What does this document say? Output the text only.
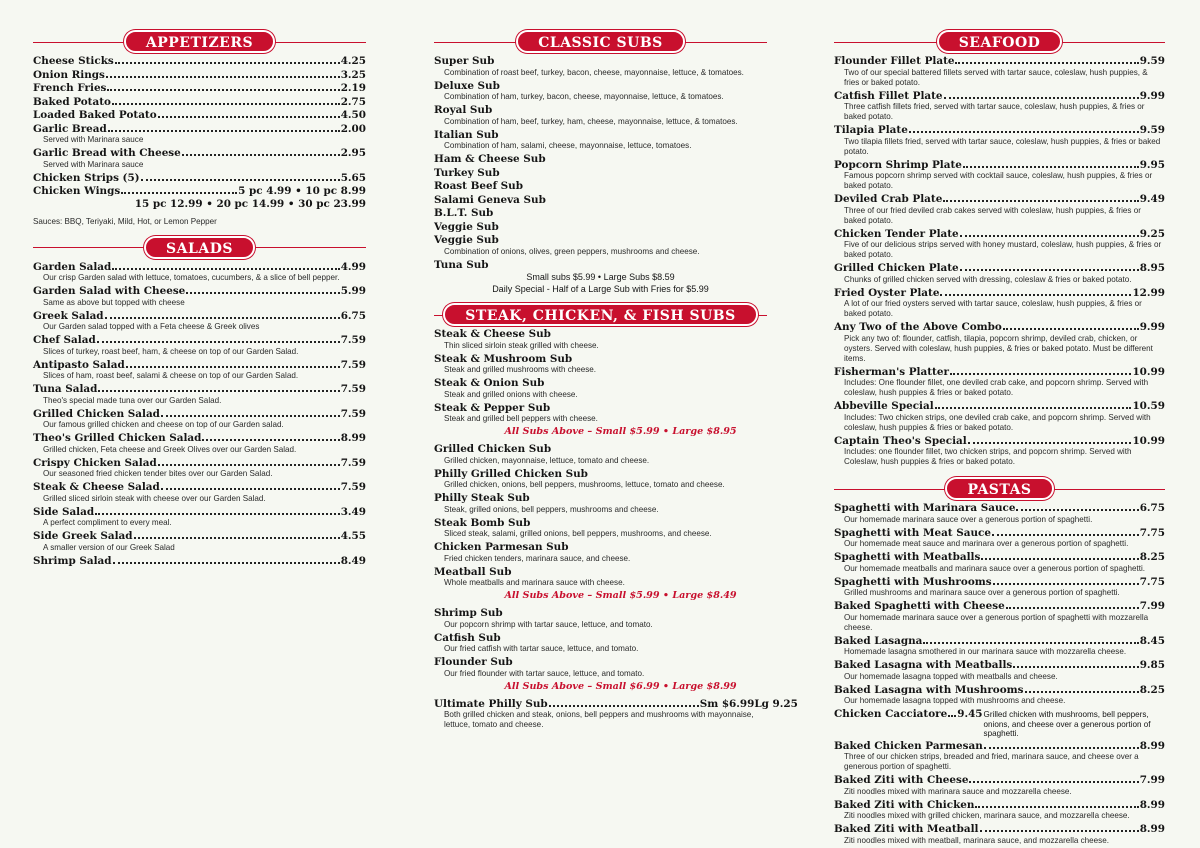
APPETIZERS
Cheese Sticks	4.25
Onion Rings	3.25
French Fries	2.19
Baked Potato	2.75
Loaded Baked Potato	4.50
Garlic Bread	2.00
Served with Marinara sauce
Garlic Bread with Cheese	2.95
Served with Marinara sauce
Chicken Strips (5)	5.65
Chicken Wings	5 pc 4.99 • 10 pc 8.99
15 pc 12.99 • 20 pc 14.99 • 30 pc 23.99
Sauces: BBQ, Teriyaki, Mild, Hot, or Lemon Pepper
SALADS
Garden Salad	4.99
Our crisp Garden salad with lettuce, tomatoes, cucumbers, & a slice of bell pepper.
Garden Salad with Cheese	5.99
Same as above but topped with cheese
Greek Salad	6.75
Our Garden salad topped with a Feta cheese & Greek olives
Chef Salad	7.59
Slices of turkey, roast beef, ham, & cheese on top of our Garden Salad.
Antipasto Salad	7.59
Slices of ham, roast beef, salami & cheese on top of our Garden Salad.
Tuna Salad	7.59
Theo's special made tuna over our Garden Salad.
Grilled Chicken Salad	7.59
Our famous grilled chicken and cheese on top of our Garden salad.
Theo's Grilled Chicken Salad	8.99
Grilled chicken, Feta cheese and Greek Olives over our Garden Salad.
Crispy Chicken Salad	7.59
Our seasoned fried chicken tender bites over our Garden Salad.
Steak & Cheese Salad	7.59
Grilled sliced sirloin steak with cheese over our Garden Salad.
Side Salad	3.49
A perfect compliment to every meal.
Side Greek Salad	4.55
A smaller version of our Greek Salad
Shrimp Salad	8.49
CLASSIC SUBS
Super Sub
Combination of roast beef, turkey, bacon, cheese, mayonnaise, lettuce, & tomatoes.
Deluxe Sub
Combination of ham, turkey, bacon, cheese, mayonnaise, lettuce, & tomatoes.
Royal Sub
Combination of ham, beef, turkey, ham, cheese, mayonnaise, lettuce, & tomatoes.
Italian Sub
Combination of ham, salami, cheese, mayonnaise, lettuce, tomatoes.
Ham & Cheese Sub
Turkey Sub
Roast Beef Sub
Salami Geneva Sub
B.L.T. Sub
Veggie Sub
Veggie Sub
Combination of onions, olives, green peppers, mushrooms and cheese.
Tuna Sub
Small subs $5.99 • Large Subs $8.59
Daily Special - Half of a Large Sub with Fries for $5.99
STEAK, CHICKEN, & FISH SUBS
Steak & Cheese Sub
Thin sliced sirloin steak grilled with cheese.
Steak & Mushroom Sub
Steak and grilled mushrooms with cheese.
Steak & Onion Sub
Steak and grilled onions with cheese.
Steak & Pepper Sub
Steak and grilled bell peppers with cheese.
All Subs Above – Small $5.99 • Large $8.95
Grilled Chicken Sub
Grilled chicken, mayonnaise, lettuce, tomato and cheese.
Philly Grilled Chicken Sub
Grilled chicken, onions, bell peppers, mushrooms, lettuce, tomato and cheese.
Philly Steak Sub
Steak, grilled onions, bell peppers, mushrooms and cheese.
Steak Bomb Sub
Sliced steak, salami, grilled onions, bell peppers, mushrooms, and cheese.
Chicken Parmesan Sub
Fried chicken tenders, marinara sauce, and cheese.
Meatball Sub
Whole meatballs and marinara sauce with cheese.
All Subs Above – Small $5.99 • Large $8.49
Shrimp Sub
Our popcorn shrimp with tartar sauce, lettuce, and tomato.
Catfish Sub
Our fried catfish with tartar sauce, lettuce, and tomato.
Flounder Sub
Our fried flounder with tartar sauce, lettuce, and tomato.
All Subs Above – Small $6.99 • Large $8.99
Ultimate Philly Sub	Sm $6.99 Lg 9.25
Both grilled chicken and steak, onions, bell peppers and mushrooms with mayonnaise, lettuce, tomato and cheese.
SEAFOOD
Flounder Fillet Plate	9.59
Two of our special battered fillets served with tartar sauce, coleslaw, hush puppies, & fries or baked potato.
Catfish Fillet Plate	9.99
Three catfish fillets fried, served with tartar sauce, coleslaw, hush puppies, & fries or baked potato.
Tilapia Plate	9.59
Two tilapia fillets fried, served with tartar sauce, coleslaw, hush puppies, & fries or baked potato.
Popcorn Shrimp Plate	9.95
Famous popcorn shrimp served with cocktail sauce, coleslaw, hush puppies, & fries or baked potato.
Deviled Crab Plate	9.49
Three of our fried deviled crab cakes served with coleslaw, hush puppies, & fries or baked potato.
Chicken Tender Plate	9.25
Five of our delicious strips served with honey mustard, coleslaw, hush puppies, & fries or baked potato.
Grilled Chicken Plate	8.95
Chunks of grilled chicken served with dressing, coleslaw & fries or baked potato.
Fried Oyster Plate	12.99
A lot of our fried oysters served with tartar sauce, coleslaw, hush puppies, & fries or baked potato.
Any Two of the Above Combo	9.99
Pick any two of: flounder, catfish, tilapia, popcorn shrimp, deviled crab, chicken, or oysters. Served with coleslaw, hush puppies, & fries or baked potato. Must be different items.
Fisherman's Platter	10.99
Includes: One flounder fillet, one deviled crab cake, and popcorn shrimp. Served with coleslaw, hush puppies & fries or baked potato.
Abbeville Special	10.59
Includes: Two chicken strips, one deviled crab cake, and popcorn shrimp. Served with coleslaw, hush puppies & fries or baked potato.
Captain Theo's Special	10.99
Includes: one flounder fillet, two chicken strips, and popcorn shrimp. Served with Coleslaw, hush puppies & fries or baked potato.
PASTAS
Spaghetti with Marinara Sauce	6.75
Our homemade marinara sauce over a generous portion of spaghetti.
Spaghetti with Meat Sauce	7.75
Our homemade meat sauce and marinara over a generous portion of spaghetti.
Spaghetti with Meatballs	8.25
Our homemade meatballs and marinara sauce over a generous portion of spaghetti.
Spaghetti with Mushrooms	7.75
Grilled mushrooms and marinara sauce over a generous portion of spaghetti.
Baked Spaghetti with Cheese	7.99
Our homemade marinara sauce over a generous portion of spaghetti with mozzarella cheese.
Baked Lasagna	8.45
Homemade lasagna smothered in our marinara sauce with mozzarella cheese.
Baked Lasagna with Meatballs	9.85
Our homemade lasagna topped with meatballs and cheese.
Baked Lasagna with Mushrooms	8.25
Our homemade lasagna topped with mushrooms and cheese.
Chicken Cacciatore 9.45 Grilled chicken with mushrooms, bell peppers, onions, and cheese over a generous portion of spaghetti.
Baked Chicken Parmesan	8.99
Three of our chicken strips, breaded and fried, marinara sauce, and cheese over a generous portion of spaghetti.
Baked Ziti with Cheese	7.99
Ziti noodles mixed with marinara sauce and mozzarella cheese.
Baked Ziti with Chicken	8.99
Ziti noodles mixed with grilled chicken, marinara sauce, and mozzarella cheese.
Baked Ziti with Meatball	8.99
Ziti noodles mixed with meatball, marinara sauce, and mozzarella cheese.
